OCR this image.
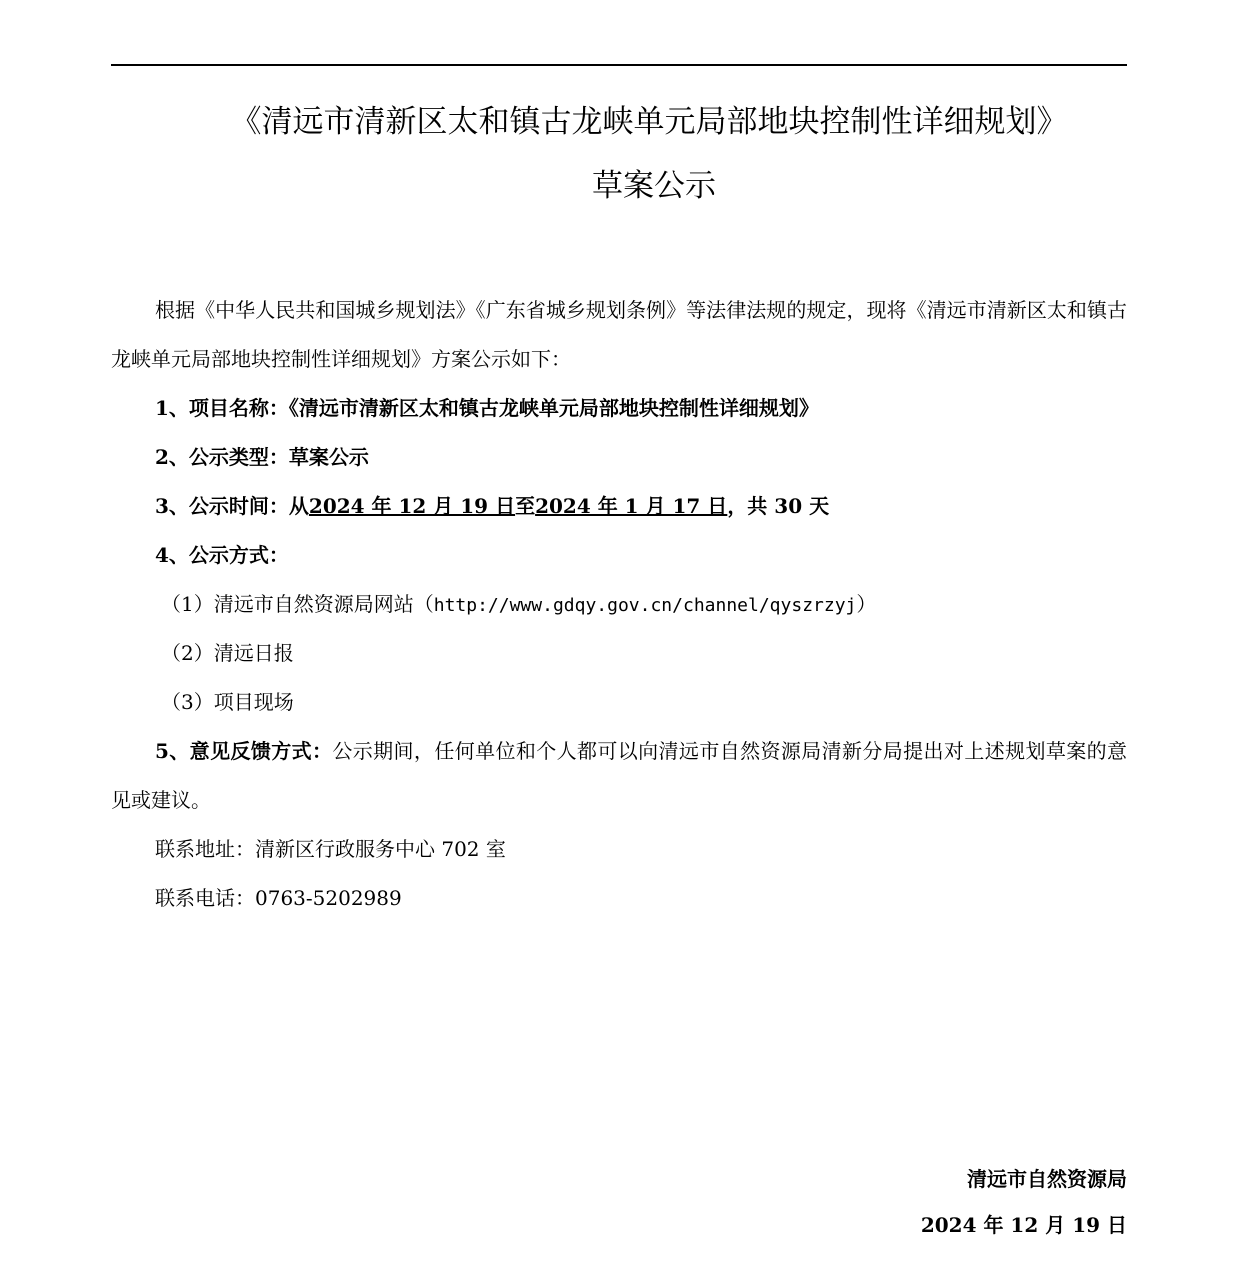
《清远市清新区太和镇古龙峡单元局部地块控制性详细规划》
草案公示
根据《中华人民共和国城乡规划法》《广东省城乡规划条例》等法律法规的规定，现将《清远市清新区太和镇古龙峡单元局部地块控制性详细规划》方案公示如下：
1、项目名称：《清远市清新区太和镇古龙峡单元局部地块控制性详细规划》
2、公示类型：草案公示
3、公示时间：从2024 年 12 月 19 日至2024 年 1 月 17 日，共 30 天
4、公示方式：
（1）清远市自然资源局网站（http://www.gdqy.gov.cn/channel/qyszrzyj）
（2）清远日报
（3）项目现场
5、意见反馈方式：公示期间，任何单位和个人都可以向清远市自然资源局清新分局提出对上述规划草案的意见或建议。
联系地址：清新区行政服务中心 702 室
联系电话：0763-5202989
清远市自然资源局
2024 年 12 月 19 日
